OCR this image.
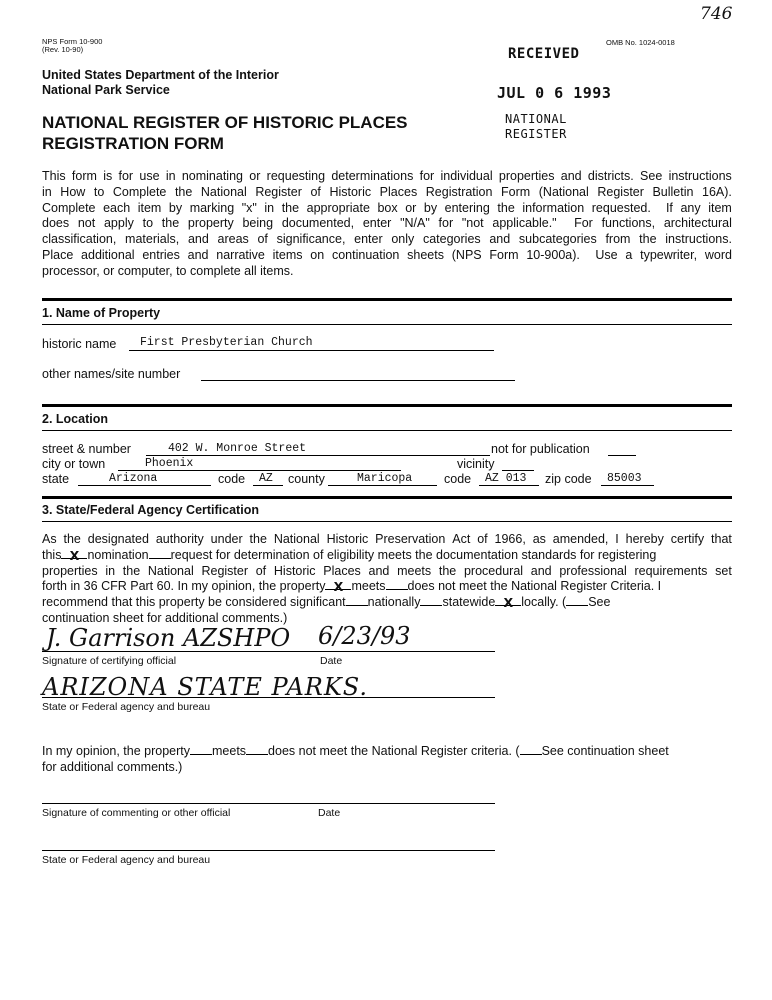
NPS Form 10-900
(Rev. 10-90)
OMB No. 1024-0018
746
United States Department of the Interior
National Park Service
NATIONAL REGISTER OF HISTORIC PLACES
REGISTRATION FORM
RECEIVED
JUL 0 6 1993
NATIONAL
REGISTER
This form is for use in nominating or requesting determinations for individual properties and districts. See instructions
in How to Complete the National Register of Historic Places Registration Form (National Register Bulletin 16A).
Complete each item by marking "x" in the appropriate box or by entering the information requested. If any item
does not apply to the property being documented, enter "N/A" for "not applicable." For functions, architectural
classification, materials, and areas of significance, enter only categories and subcategories from the instructions.
Place additional entries and narrative items on continuation sheets (NPS Form 10-900a). Use a typewriter, word
processor, or computer, to complete all items.
1. Name of Property
historic name First Presbyterian Church
other names/site number
2. Location
street & number	402 W. Monroe Street	not for publication
city or town	Phoenix	vicinity
state	Arizona	code AZ county	Maricopa	code AZ 013 zip code 85003
3. State/Federal Agency Certification
As the designated authority under the National Historic Preservation Act of 1966, as amended, I hereby certify that
this X nomination request for determination of eligibility meets the documentation standards for registering
properties in the National Register of Historic Places and meets the procedural and professional requirements set
forth in 36 CFR Part 60. In my opinion, the property X meets does not meet the National Register Criteria. I
recommend that this property be considered significant nationally statewide X locally. ( See
continuation sheet for additional comments.)
J. Garrison AZSHPO 6/23/93
Signature of certifying official	Date
ARIZONA STATE PARKS.
State or Federal agency and bureau
In my opinion, the property meets does not meet the National Register criteria. ( See continuation sheet
for additional comments.)
Signature of commenting or other official	Date
State or Federal agency and bureau
